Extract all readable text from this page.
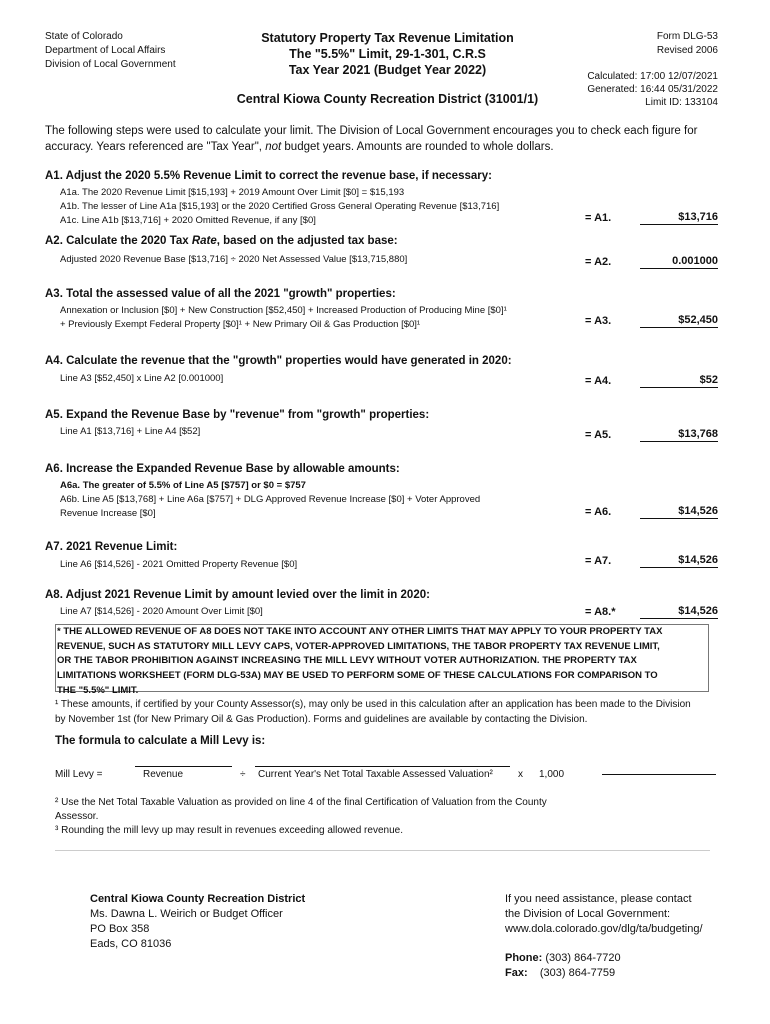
State of Colorado
Department of Local Affairs
Division of Local Government
Statutory Property Tax Revenue Limitation
The "5.5%" Limit, 29-1-301, C.R.S
Tax Year 2021 (Budget Year 2022)
Form DLG-53
Revised 2006
Calculated: 17:00 12/07/2021
Generated: 16:44 05/31/2022
Limit ID: 133104
Central Kiowa County Recreation District (31001/1)
The following steps were used to calculate your limit. The Division of Local Government encourages you to check each figure for
accuracy. Years referenced are "Tax Year", not budget years. Amounts are rounded to whole dollars.
A1. Adjust the 2020 5.5% Revenue Limit to correct the revenue base, if necessary:
A1a. The 2020 Revenue Limit [$15,193] + 2019 Amount Over Limit [$0] = $15,193
A1b. The lesser of Line A1a [$15,193] or the 2020 Certified Gross General Operating Revenue [$13,716]
A1c. Line A1b [$13,716] + 2020 Omitted Revenue, if any [$0]	= A1.	$13,716
A2. Calculate the 2020 Tax Rate, based on the adjusted tax base:
Adjusted 2020 Revenue Base [$13,716] ÷ 2020 Net Assessed Value [$13,715,880]	= A2.	0.001000
A3. Total the assessed value of all the 2021 "growth" properties:
Annexation or Inclusion [$0] + New Construction [$52,450] + Increased Production of Producing Mine [$0]¹
+ Previously Exempt Federal Property [$0]¹ + New Primary Oil & Gas Production [$0]¹	= A3.	$52,450
A4. Calculate the revenue that the "growth" properties would have generated in 2020:
Line A3 [$52,450] x Line A2 [0.001000]	= A4.	$52
A5. Expand the Revenue Base by "revenue" from "growth" properties:
Line A1 [$13,716] + Line A4 [$52]	= A5.	$13,768
A6. Increase the Expanded Revenue Base by allowable amounts:
A6a. The greater of 5.5% of Line A5 [$757] or $0 = $757
A6b. Line A5 [$13,768] + Line A6a [$757] + DLG Approved Revenue Increase [$0] + Voter Approved
Revenue Increase [$0]	= A6.	$14,526
A7. 2021 Revenue Limit:
Line A6 [$14,526] - 2021 Omitted Property Revenue [$0]	= A7.	$14,526
A8. Adjust 2021 Revenue Limit by amount levied over the limit in 2020:
Line A7 [$14,526] - 2020 Amount Over Limit [$0]	= A8.*	$14,526
* THE ALLOWED REVENUE OF A8 DOES NOT TAKE INTO ACCOUNT ANY OTHER LIMITS THAT MAY APPLY TO YOUR PROPERTY TAX
REVENUE, SUCH AS STATUTORY MILL LEVY CAPS, VOTER-APPROVED LIMITATIONS, THE TABOR PROPERTY TAX REVENUE LIMIT,
OR THE TABOR PROHIBITION AGAINST INCREASING THE MILL LEVY WITHOUT VOTER AUTHORIZATION. THE PROPERTY TAX
LIMITATIONS WORKSHEET (FORM DLG-53A) MAY BE USED TO PERFORM SOME OF THESE CALCULATIONS FOR COMPARISON TO
THE "5.5%" LIMIT.
¹ These amounts, if certified by your County Assessor(s), may only be used in this calculation after an application has been made to the Division
by November 1st (for New Primary Oil & Gas Production). Forms and guidelines are available by contacting the Division.
The formula to calculate a Mill Levy is:
Mill Levy =	Revenue	÷ Current Year's Net Total Taxable Assessed Valuation²	x 1,000
² Use the Net Total Taxable Valuation as provided on line 4 of the final Certification of Valuation from the County
Assessor.
³ Rounding the mill levy up may result in revenues exceeding allowed revenue.
Central Kiowa County Recreation District
Ms. Dawna L. Weirich or Budget Officer
PO Box 358
Eads, CO 81036
If you need assistance, please contact
the Division of Local Government:
www.dola.colorado.gov/dlg/ta/budgeting/
Phone: (303) 864-7720
Fax: (303) 864-7759
